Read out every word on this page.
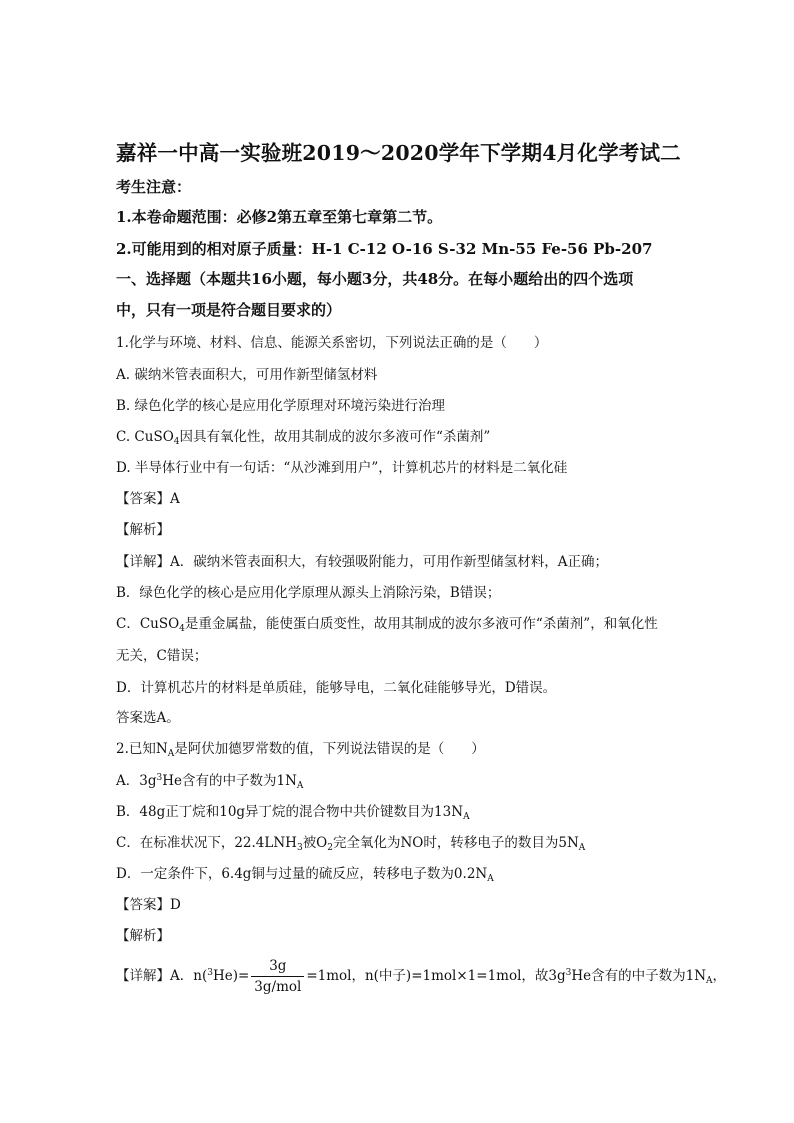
嘉祥一中高一实验班2019～2020学年下学期4月化学考试二
考生注意：
1.本卷命题范围：必修2第五章至第七章第二节。
2.可能用到的相对原子质量：H-1 C-12 O-16 S-32 Mn-55 Fe-56 Pb-207
一、选择题（本题共16小题，每小题3分，共48分。在每小题给出的四个选项
中，只有一项是符合题目要求的）
1.化学与环境、材料、信息、能源关系密切，下列说法正确的是（　　）
A. 碳纳米管表面积大，可用作新型储氢材料
B. 绿色化学的核心是应用化学原理对环境污染进行治理
C. CuSO$_4$因具有氧化性，故用其制成的波尔多液可作“杀菌剂”
D. 半导体行业中有一句话：“从沙滩到用户”，计算机芯片的材料是二氧化硅
【答案】A
【解析】
【详解】A．碳纳米管表面积大，有较强吸附能力，可用作新型储氢材料，A正确；
B．绿色化学的核心是应用化学原理从源头上消除污染，B错误；
C．CuSO$_4$是重金属盐，能使蛋白质变性，故用其制成的波尔多液可作“杀菌剂”，和氧化性
无关，C错误；
D．计算机芯片的材料是单质硅，能够导电，二氧化硅能够导光，D错误。
答案选A。
2.已知$N_A$是阿伏加德罗常数的值，下列说法错误的是（　　）
A．$3g^3He$含有的中子数为$1N_A$
B．48g正丁烷和10g异丁烷的混合物中共价键数目为$13N_A$
C．在标准状况下，$22.4LNH_3$被$O_2$完全氧化为NO时，转移电子的数目为$5N_A$
D．一定条件下，6.4g铜与过量的硫反应，转移电子数为$0.2N_A$
【答案】D
【解析】
【详解】A．$n(^3He)= \frac{3g}{\text{3g/mol}} =1mol$，n(中子)=1mol×1=1mol，故$3g^3He$含有的中子数为$1N_A$，
